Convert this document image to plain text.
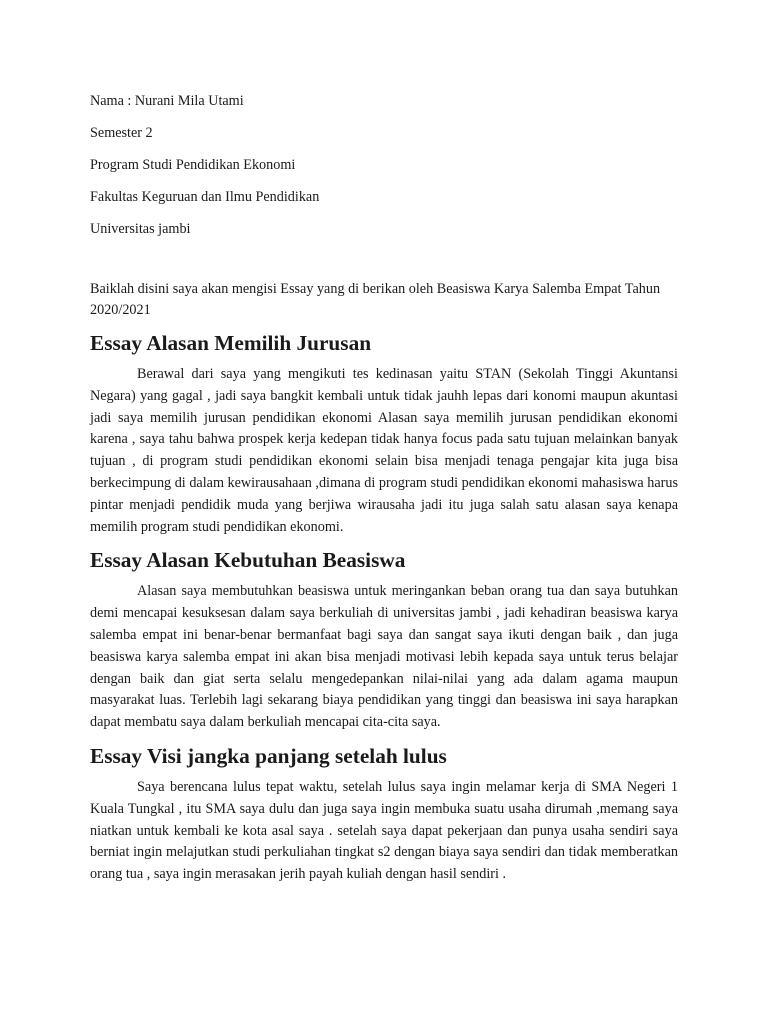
Nama : Nurani Mila Utami

Semester 2

Program Studi Pendidikan Ekonomi

Fakultas Keguruan dan Ilmu Pendidikan

Universitas jambi

Baiklah disini saya akan mengisi Essay yang di berikan oleh Beasiswa Karya Salemba Empat Tahun 2020/2021

Essay Alasan Memilih Jurusan

Berawal dari saya yang mengikuti tes kedinasan yaitu STAN (Sekolah Tinggi Akuntansi Negara) yang gagal , jadi saya bangkit kembali untuk tidak jauhh lepas dari konomi maupun akuntasi jadi saya memilih jurusan pendidikan ekonomi Alasan saya memilih jurusan pendidikan ekonomi karena , saya tahu bahwa prospek kerja kedepan tidak hanya focus pada satu tujuan melainkan banyak tujuan , di program studi pendidikan ekonomi selain bisa menjadi tenaga pengajar kita juga bisa berkecimpung di dalam kewirausahaan ,dimana di program studi pendidikan ekonomi mahasiswa harus pintar menjadi pendidik muda yang berjiwa wirausaha jadi itu juga salah satu alasan saya kenapa memilih program studi pendidikan ekonomi.

Essay Alasan Kebutuhan Beasiswa

Alasan saya membutuhkan beasiswa untuk meringankan beban orang tua dan saya butuhkan demi mencapai kesuksesan dalam saya berkuliah di universitas jambi , jadi kehadiran beasiswa karya salemba empat ini benar-benar bermanfaat bagi saya dan sangat saya ikuti dengan baik , dan juga beasiswa karya salemba empat ini akan bisa menjadi motivasi lebih kepada saya untuk terus belajar dengan baik dan giat serta selalu mengedepankan nilai-nilai yang ada dalam agama maupun masyarakat luas. Terlebih lagi sekarang biaya pendidikan yang tinggi dan beasiswa ini saya harapkan dapat membatu saya dalam berkuliah mencapai cita-cita saya.

Essay Visi jangka panjang setelah lulus

Saya berencana lulus tepat waktu, setelah lulus saya ingin melamar kerja di SMA Negeri 1 Kuala Tungkal , itu SMA saya dulu dan juga saya ingin membuka suatu usaha dirumah ,memang saya niatkan untuk kembali ke kota asal saya . setelah saya dapat pekerjaan dan punya usaha sendiri saya berniat ingin melajutkan studi perkuliahan tingkat s2 dengan biaya saya sendiri dan tidak memberatkan orang tua , saya ingin merasakan jerih payah kuliah dengan hasil sendiri .
